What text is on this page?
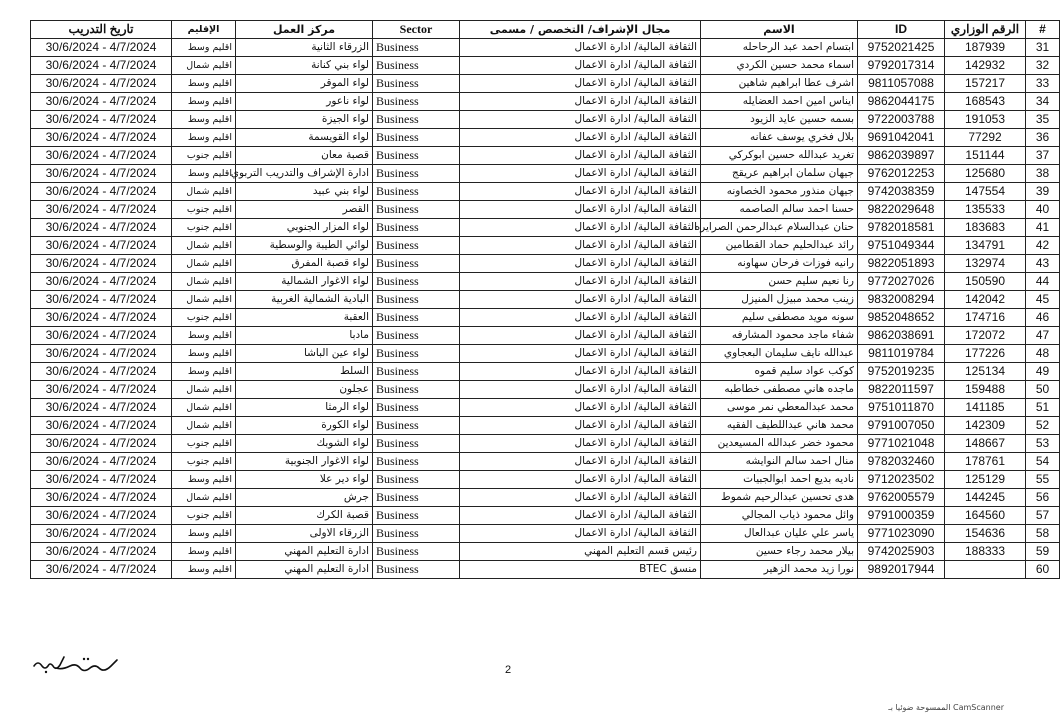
تاريخ التدريب	الإقليم	مركز العمل	Sector	مجال الإشراف/ التخصص / مسمى	الاسم	ID	الرقم الوزاري	#
30/6/2024 - 4/7/2024	اقليم وسط	الزرقاء الثانية	Business	الثقافة المالية/ ادارة الاعمال	ابتسام احمد عبد الرحاحله	9752021425	187939	31
30/6/2024 - 4/7/2024	اقليم شمال	لواء بني كنانة	Business	الثقافة المالية/ ادارة الاعمال	اسماء محمد حسين الكردي	9792017314	142932	32
30/6/2024 - 4/7/2024	اقليم وسط	لواء الموقر	Business	الثقافة المالية/ ادارة الاعمال	اشرف عطا ابراهيم شاهين	9811057088	157217	33
30/6/2024 - 4/7/2024	اقليم وسط	لواء ناعور	Business	الثقافة المالية/ ادارة الاعمال	ايناس امين احمد العضايله	9862044175	168543	34
30/6/2024 - 4/7/2024	اقليم وسط	لواء الجيزة	Business	الثقافة المالية/ ادارة الاعمال	بسمه حسين عايد الزيود	9722003788	191053	35
30/6/2024 - 4/7/2024	اقليم وسط	لواء القويسمة	Business	الثقافة المالية/ ادارة الاعمال	بلال فخري يوسف عفانه	9691042041	77292	36
30/6/2024 - 4/7/2024	اقليم جنوب	قصبة معان	Business	الثقافة المالية/ ادارة الاعمال	تغريد عبدالله حسين ابوكركي	9862039897	151144	37
30/6/2024 - 4/7/2024	اقليم وسط	ادارة الإشراف والتدريب التربوي	Business	الثقافة المالية/ ادارة الاعمال	جيهان سلمان ابراهيم عريقج	9762012253	125680	38
30/6/2024 - 4/7/2024	اقليم شمال	لواء بني عبيد	Business	الثقافة المالية/ ادارة الاعمال	جيهان منذور محمود الخصاونه	9742038359	147554	39
30/6/2024 - 4/7/2024	اقليم جنوب	القصر	Business	الثقافة المالية/ ادارة الاعمال	حسنا احمد سالم الصاصمه	9822029648	135533	40
30/6/2024 - 4/7/2024	اقليم جنوب	لواء المزار الجنوبي	Business	الثقافة المالية/ ادارة الاعمال	حنان عبدالسلام عبدالرحمن الصرايره	9782018581	183683	41
30/6/2024 - 4/7/2024	اقليم شمال	لوائي الطيبة والوسطية	Business	الثقافة المالية/ ادارة الاعمال	رائد عبدالحليم حماد القطامين	9751049344	134791	42
30/6/2024 - 4/7/2024	اقليم شمال	لواء قصبة المفرق	Business	الثقافة المالية/ ادارة الاعمال	رانيه فوزات فرحان سهاونه	9822051893	132974	43
30/6/2024 - 4/7/2024	اقليم شمال	لواء الاغوار الشمالية	Business	الثقافة المالية/ ادارة الاعمال	رنا نعيم سليم حسن	9772027026	150590	44
30/6/2024 - 4/7/2024	اقليم شمال	البادية الشمالية الغربية	Business	الثقافة المالية/ ادارة الاعمال	زينب محمد مبيزل المنيزل	9832008294	142042	45
30/6/2024 - 4/7/2024	اقليم جنوب	العقبة	Business	الثقافة المالية/ ادارة الاعمال	سونه مويد مصطفى سليم	9852048652	174716	46
30/6/2024 - 4/7/2024	اقليم وسط	مادبا	Business	الثقافة المالية/ ادارة الاعمال	شفاء ماجد محمود المشارفه	9862038691	172072	47
30/6/2024 - 4/7/2024	اقليم وسط	لواء عين الباشا	Business	الثقافة المالية/ ادارة الاعمال	عبدالله نايف سليمان البعجاوي	9811019784	177226	48
30/6/2024 - 4/7/2024	اقليم وسط	السلط	Business	الثقافة المالية/ ادارة الاعمال	كوكب عواد سليم قموه	9752019235	125134	49
30/6/2024 - 4/7/2024	اقليم شمال	عجلون	Business	الثقافة المالية/ ادارة الاعمال	ماجده هاني مصطفى خطاطبه	9822011597	159488	50
30/6/2024 - 4/7/2024	اقليم شمال	لواء الرمثا	Business	الثقافة المالية/ ادارة الاعمال	محمد عبدالمعطي نمر موسى	9751011870	141185	51
30/6/2024 - 4/7/2024	اقليم شمال	لواء الكورة	Business	الثقافة المالية/ ادارة الاعمال	محمد هاني عبداللطيف الفقيه	9791007050	142309	52
30/6/2024 - 4/7/2024	اقليم جنوب	لواء الشوبك	Business	الثقافة المالية/ ادارة الاعمال	محمود خضر عبدالله المسيعدين	9771021048	148667	53
30/6/2024 - 4/7/2024	اقليم جنوب	لواء الاغوار الجنوبية	Business	الثقافة المالية/ ادارة الاعمال	منال احمد سالم النوايشه	9782032460	178761	54
30/6/2024 - 4/7/2024	اقليم وسط	لواء دير علا	Business	الثقافة المالية/ ادارة الاعمال	ناديه بديع احمد ابوالجبيات	9712023502	125129	55
30/6/2024 - 4/7/2024	اقليم شمال	جرش	Business	الثقافة المالية/ ادارة الاعمال	هدى تحسين عبدالرحيم شموط	9762005579	144245	56
30/6/2024 - 4/7/2024	اقليم جنوب	قصبة الكرك	Business	الثقافة المالية/ ادارة الاعمال	وائل محمود ذياب المجالي	9791000359	164560	57
30/6/2024 - 4/7/2024	اقليم وسط	الزرقاء الاولى	Business	الثقافة المالية/ ادارة الاعمال	ياسر علي عليان عبدالعال	9771023090	154636	58
30/6/2024 - 4/7/2024	اقليم وسط	ادارة التعليم المهني	Business	رئيس قسم التعليم المهني	بيلار محمد رجاء حسين	9742025903	188333	59
30/6/2024 - 4/7/2024	اقليم وسط	ادارة التعليم المهني	Business	منسق BTEC	نورا زيد محمد الزهير	9892017944		60
2
الممسوحة ضوئيا بـ CamScanner
